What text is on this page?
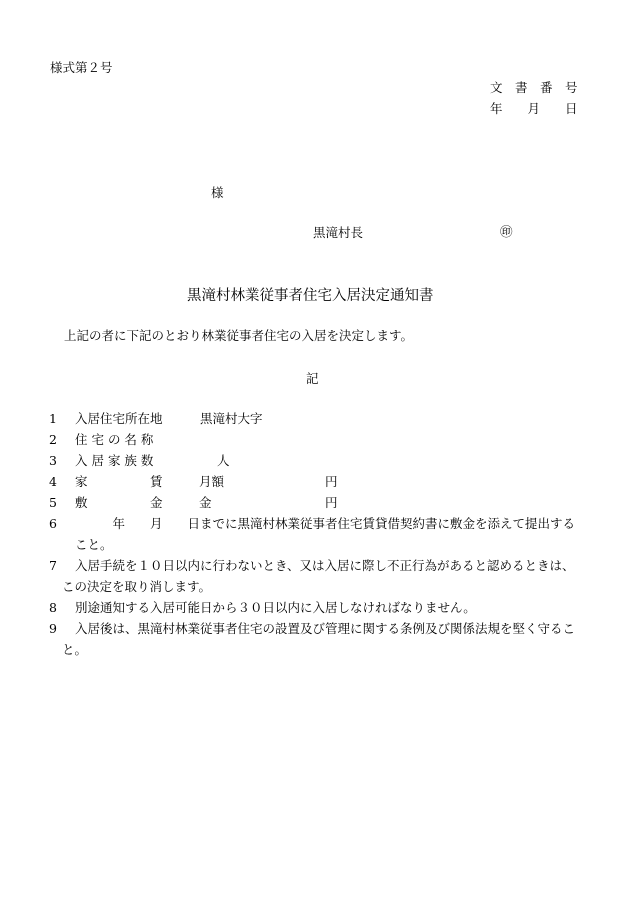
様式第２号
文　書　番　号
年　　月　　日
様
黒滝村長	㊞
黒滝村林業従事者住宅入居決定通知書
上記の者に下記のとおり林業従事者住宅の入居を決定します。
記
1 入居住宅所在地	黒滝村大字
2 住 宅 の 名 称
3 入 居 家 族 数	人
4 家　　　　　賃	月額	円
5 敷　　　　　金	金	円
6 　　　年　　月　　日までに黒滝村林業従事者住宅賃貸借契約書に敷金を添えて提出する
こと。
7 入居手続を１０日以内に行わないとき、又は入居に際し不正行為があると認めるときは、
この決定を取り消します。
8 別途通知する入居可能日から３０日以内に入居しなければなりません。
9 入居後は、黒滝村林業従事者住宅の設置及び管理に関する条例及び関係法規を堅く守るこ
と。
